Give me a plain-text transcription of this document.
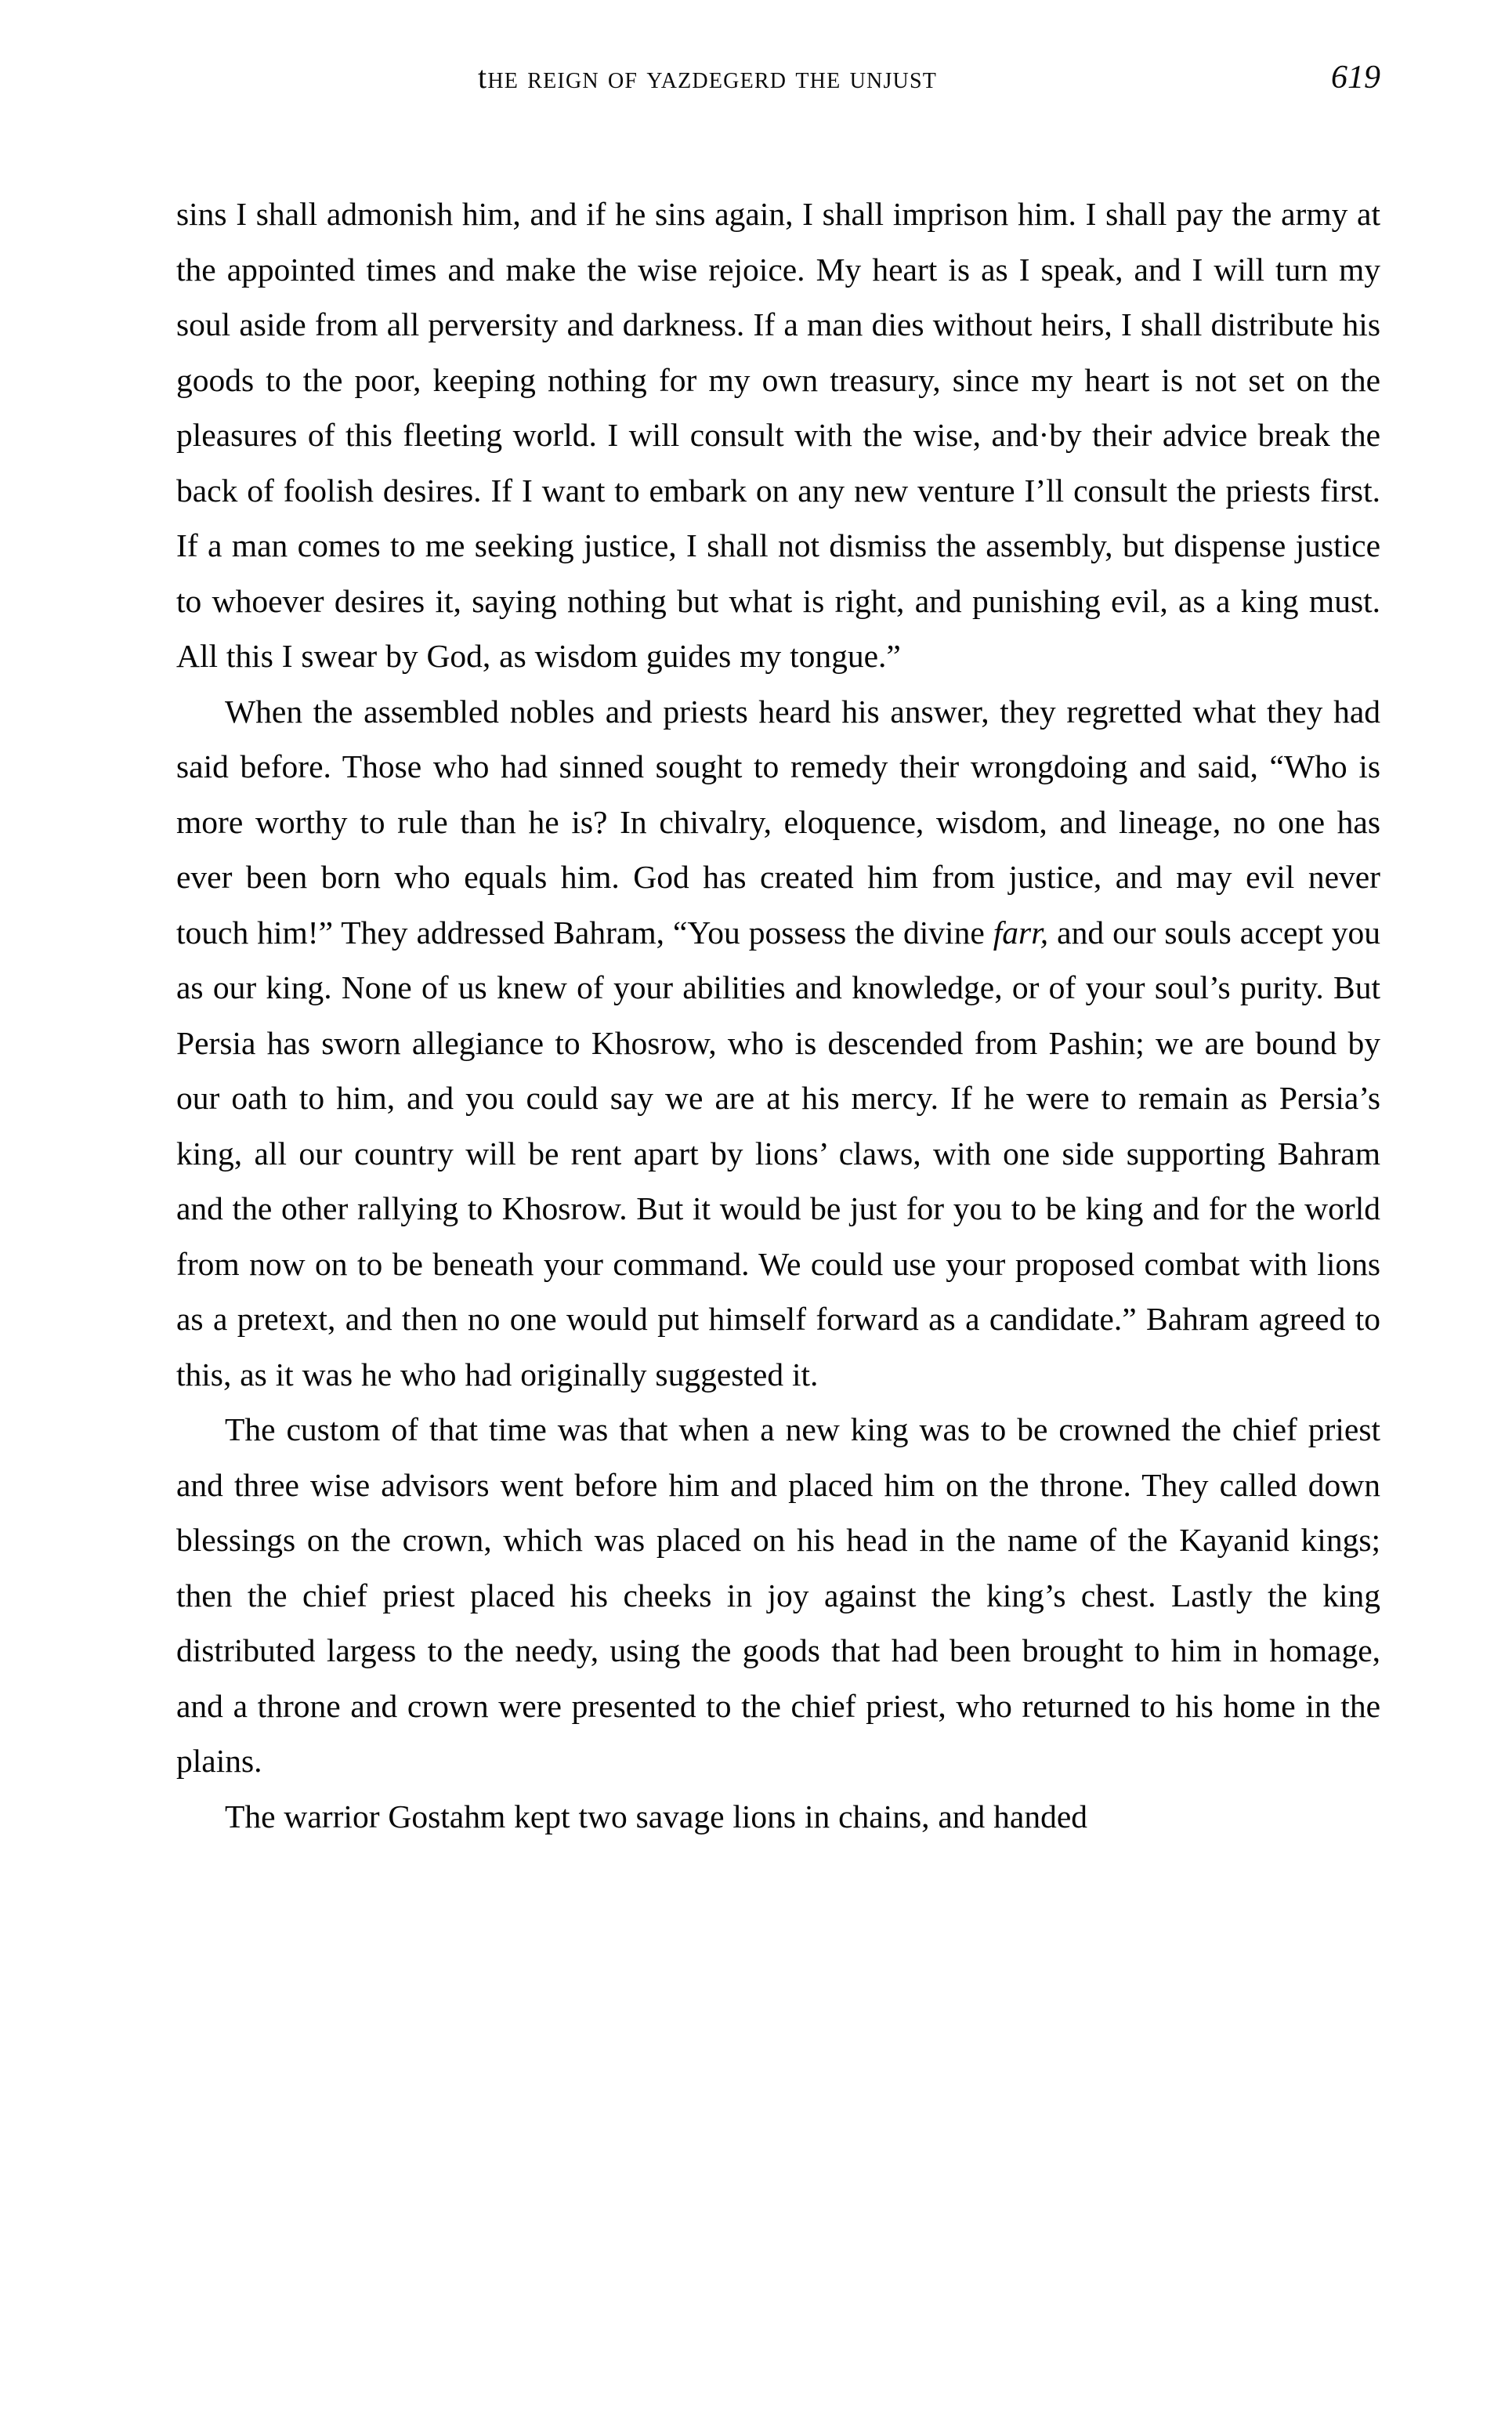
the reign of yazdegerd the unjust	619

sins I shall admonish him, and if he sins again, I shall imprison him. I shall pay the army at the appointed times and make the wise rejoice. My heart is as I speak, and I will turn my soul aside from all perversity and darkness. If a man dies without heirs, I shall distribute his goods to the poor, keeping nothing for my own treasury, since my heart is not set on the pleasures of this fleeting world. I will consult with the wise, and·by their advice break the back of foolish desires. If I want to embark on any new venture I’ll consult the priests first. If a man comes to me seeking justice, I shall not dismiss the assembly, but dispense justice to whoever desires it, saying nothing but what is right, and punishing evil, as a king must. All this I swear by God, as wisdom guides my tongue.”

When the assembled nobles and priests heard his answer, they regretted what they had said before. Those who had sinned sought to remedy their wrongdoing and said, “Who is more worthy to rule than he is? In chivalry, eloquence, wisdom, and lineage, no one has ever been born who equals him. God has created him from justice, and may evil never touch him!” They addressed Bahram, “You possess the divine farr, and our souls accept you as our king. None of us knew of your abilities and knowledge, or of your soul’s purity. But Persia has sworn allegiance to Khosrow, who is descended from Pashin; we are bound by our oath to him, and you could say we are at his mercy. If he were to remain as Persia’s king, all our country will be rent apart by lions’ claws, with one side supporting Bahram and the other rallying to Khosrow. But it would be just for you to be king and for the world from now on to be beneath your command. We could use your proposed combat with lions as a pretext, and then no one would put himself forward as a candidate.” Bahram agreed to this, as it was he who had originally suggested it.

The custom of that time was that when a new king was to be crowned the chief priest and three wise advisors went before him and placed him on the throne. They called down blessings on the crown, which was placed on his head in the name of the Kayanid kings; then the chief priest placed his cheeks in joy against the king’s chest. Lastly the king distributed largess to the needy, using the goods that had been brought to him in homage, and a throne and crown were presented to the chief priest, who returned to his home in the plains.

The warrior Gostahm kept two savage lions in chains, and handed
